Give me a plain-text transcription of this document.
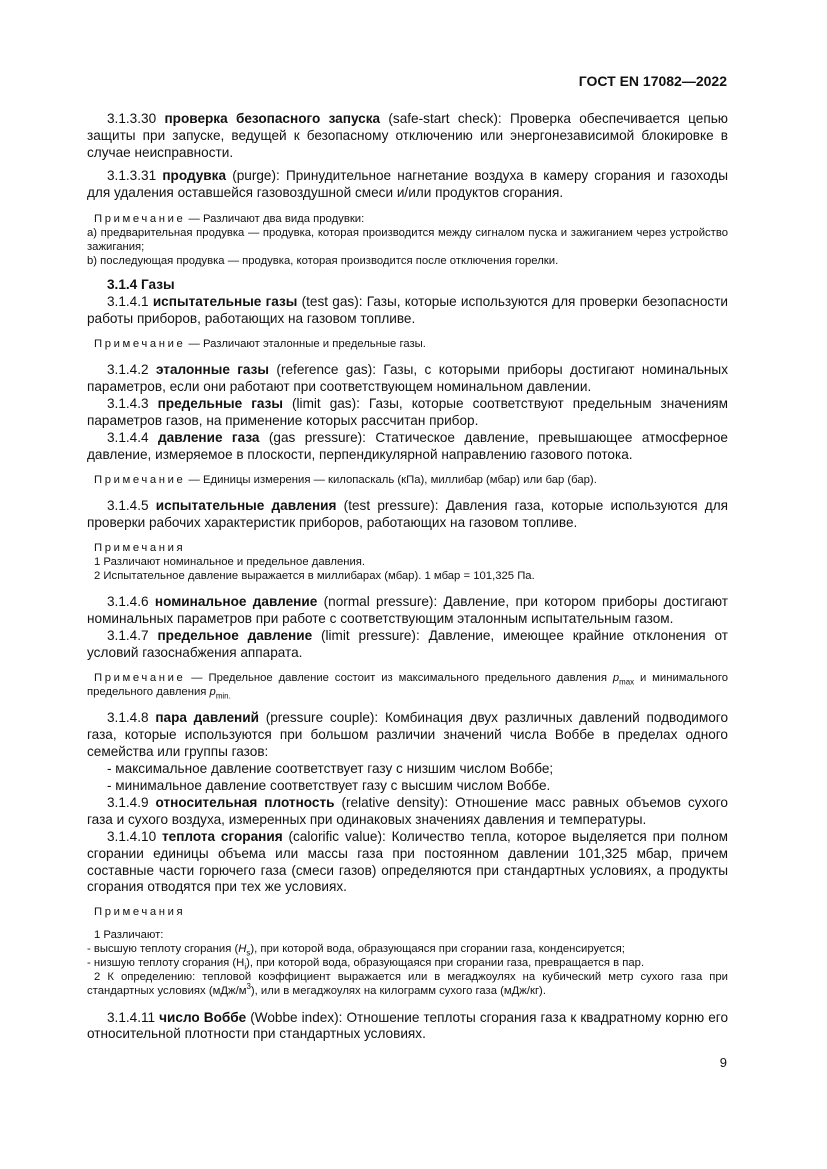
ГОСТ EN 17082—2022

3.1.3.30 проверка безопасного запуска (safe-start check): Проверка обеспечивается цепью защиты при запуске, ведущей к безопасному отключению или энергонезависимой блокировке в случае неисправности.

3.1.3.31 продувка (purge): Принудительное нагнетание воздуха в камеру сгорания и газоходы для удаления оставшейся газовоздушной смеси и/или продуктов сгорания.

Примечание — Различают два вида продувки:
a) предварительная продувка — продувка, которая производится между сигналом пуска и зажиганием через устройство зажигания;
b) последующая продувка — продувка, которая производится после отключения горелки.

3.1.4 Газы

3.1.4.1 испытательные газы (test gas): Газы, которые используются для проверки безопасности работы приборов, работающих на газовом топливе.

Примечание — Различают эталонные и предельные газы.

3.1.4.2 эталонные газы (reference gas): Газы, с которыми приборы достигают номинальных параметров, если они работают при соответствующем номинальном давлении.

3.1.4.3 предельные газы (limit gas): Газы, которые соответствуют предельным значениям параметров газов, на применение которых рассчитан прибор.

3.1.4.4 давление газа (gas pressure): Статическое давление, превышающее атмосферное давление, измеряемое в плоскости, перпендикулярной направлению газового потока.

Примечание — Единицы измерения — килопаскаль (кПа), миллибар (мбар) или бар (бар).

3.1.4.5 испытательные давления (test pressure): Давления газа, которые используются для проверки рабочих характеристик приборов, работающих на газовом топливе.

Примечания
1 Различают номинальное и предельное давления.
2 Испытательное давление выражается в миллибарах (мбар). 1 мбар = 101,325 Па.

3.1.4.6 номинальное давление (normal pressure): Давление, при котором приборы достигают номинальных параметров при работе с соответствующим эталонным испытательным газом.

3.1.4.7 предельное давление (limit pressure): Давление, имеющее крайние отклонения от условий газоснабжения аппарата.

Примечание — Предельное давление состоит из максимального предельного давления $p_{max}$ и минимального предельного давления $p_{min.}$

3.1.4.8 пара давлений (pressure couple): Комбинация двух различных давлений подводимого газа, которые используются при большом различии значений числа Воббе в пределах одного семейства или группы газов:

- максимальное давление соответствует газу с низшим числом Воббе;

- минимальное давление соответствует газу с высшим числом Воббе.

3.1.4.9 относительная плотность (relative density): Отношение масс равных объемов сухого газа и сухого воздуха, измеренных при одинаковых значениях давления и температуры.

3.1.4.10 теплота сгорания (calorific value): Количество тепла, которое выделяется при полном сгорании единицы объема или массы газа при постоянном давлении 101,325 мбар, причем составные части горючего газа (смеси газов) определяются при стандартных условиях, а продукты сгорания отводятся при тех же условиях.

Примечания
1 Различают:
- высшую теплоту сгорания $(H_s)$, при которой вода, образующаяся при сгорании газа, конденсируется;
- низшую теплоту сгорания $(H_i)$, при которой вода, образующаяся при сгорании газа, превращается в пар.
2 К определению: тепловой коэффициент выражается или в мегаджоулях на кубический метр сухого газа при стандартных условиях $(мДж/м^3)$, или в мегаджоулях на килограмм сухого газа (мДж/кг).

3.1.4.11 число Воббе (Wobbe index): Отношение теплоты сгорания газа к квадратному корню его относительной плотности при стандартных условиях.

9
